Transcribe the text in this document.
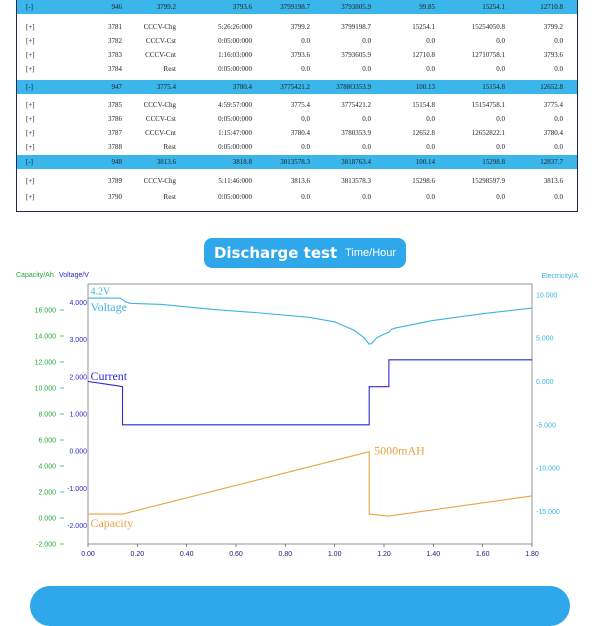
[-]	946	3799.2	3793.6	3799198.7	3793805.9	99.85	15254.1	12710.8
[+]	3781	CCCV-Chg	5:26:26:000	3799.2	3799198.7	15254.1	15254050.8	3799.2
[+]	3782	CCCV-Cst	0:05:00:000	0.0	0.0	0.0	0.0	0.0
[+]	3783	CCCV-Cnt	1:16:03:000	3793.6	3793605.9	12710.8	12710758.1	3793.6
[+]	3784	Rest	0:05:00:000	0.0	0.0	0.0	0.0	0.0
[-]	947	3775.4	3780.4	3775421.2	3788O353.9	100.13	15154.8	12652.8
[+]	3785	CCCV-Chg	4:59:57:000	3775.4	3775421.2	15154.8	15154758.1	3775.4
[+]	3786	CCCV-Cst	0:05:00:000	0.0	0.0	0.0	0.0	0.0
[+]	3787	CCCV-Cnt	1:15:47:000	3780.4	3780353.9	12652.8	12652822.1	3780.4
[+]	3788	Rest	0:05:00:000	0.0	0.0	0.0	0.0	0.0
[-]	948	3813.6	3818.8	3813578.3	3818763.4	100.14	15298.8	12837.7
[+]	3789	CCCV-Chg	5:11:46:000	3813.6	3813578.3	15298.6	15298597.9	3813.6
[+]	3790	Rest	0:05:00:000	0.0	0.0	0.0	0.0	0.0
Discharge test Time/Hour
Capacity/Ah Voltage/V	Electricity/A
-2.000
0.000
2.000
4.000
6.000
8.000
10.000
12.000
14.000
16.000
-2.000
-1.000
0.000
1.000
2.000
3.000
4.000
-15.000
-10.000
-5.000
0.000
5.000
10.000
0.00	0.20	0.40	0.60	0.80	1.00	1.20	1.40	1.60	1.80
4.2V
Voltage
Current
Capacity
5000mAH
